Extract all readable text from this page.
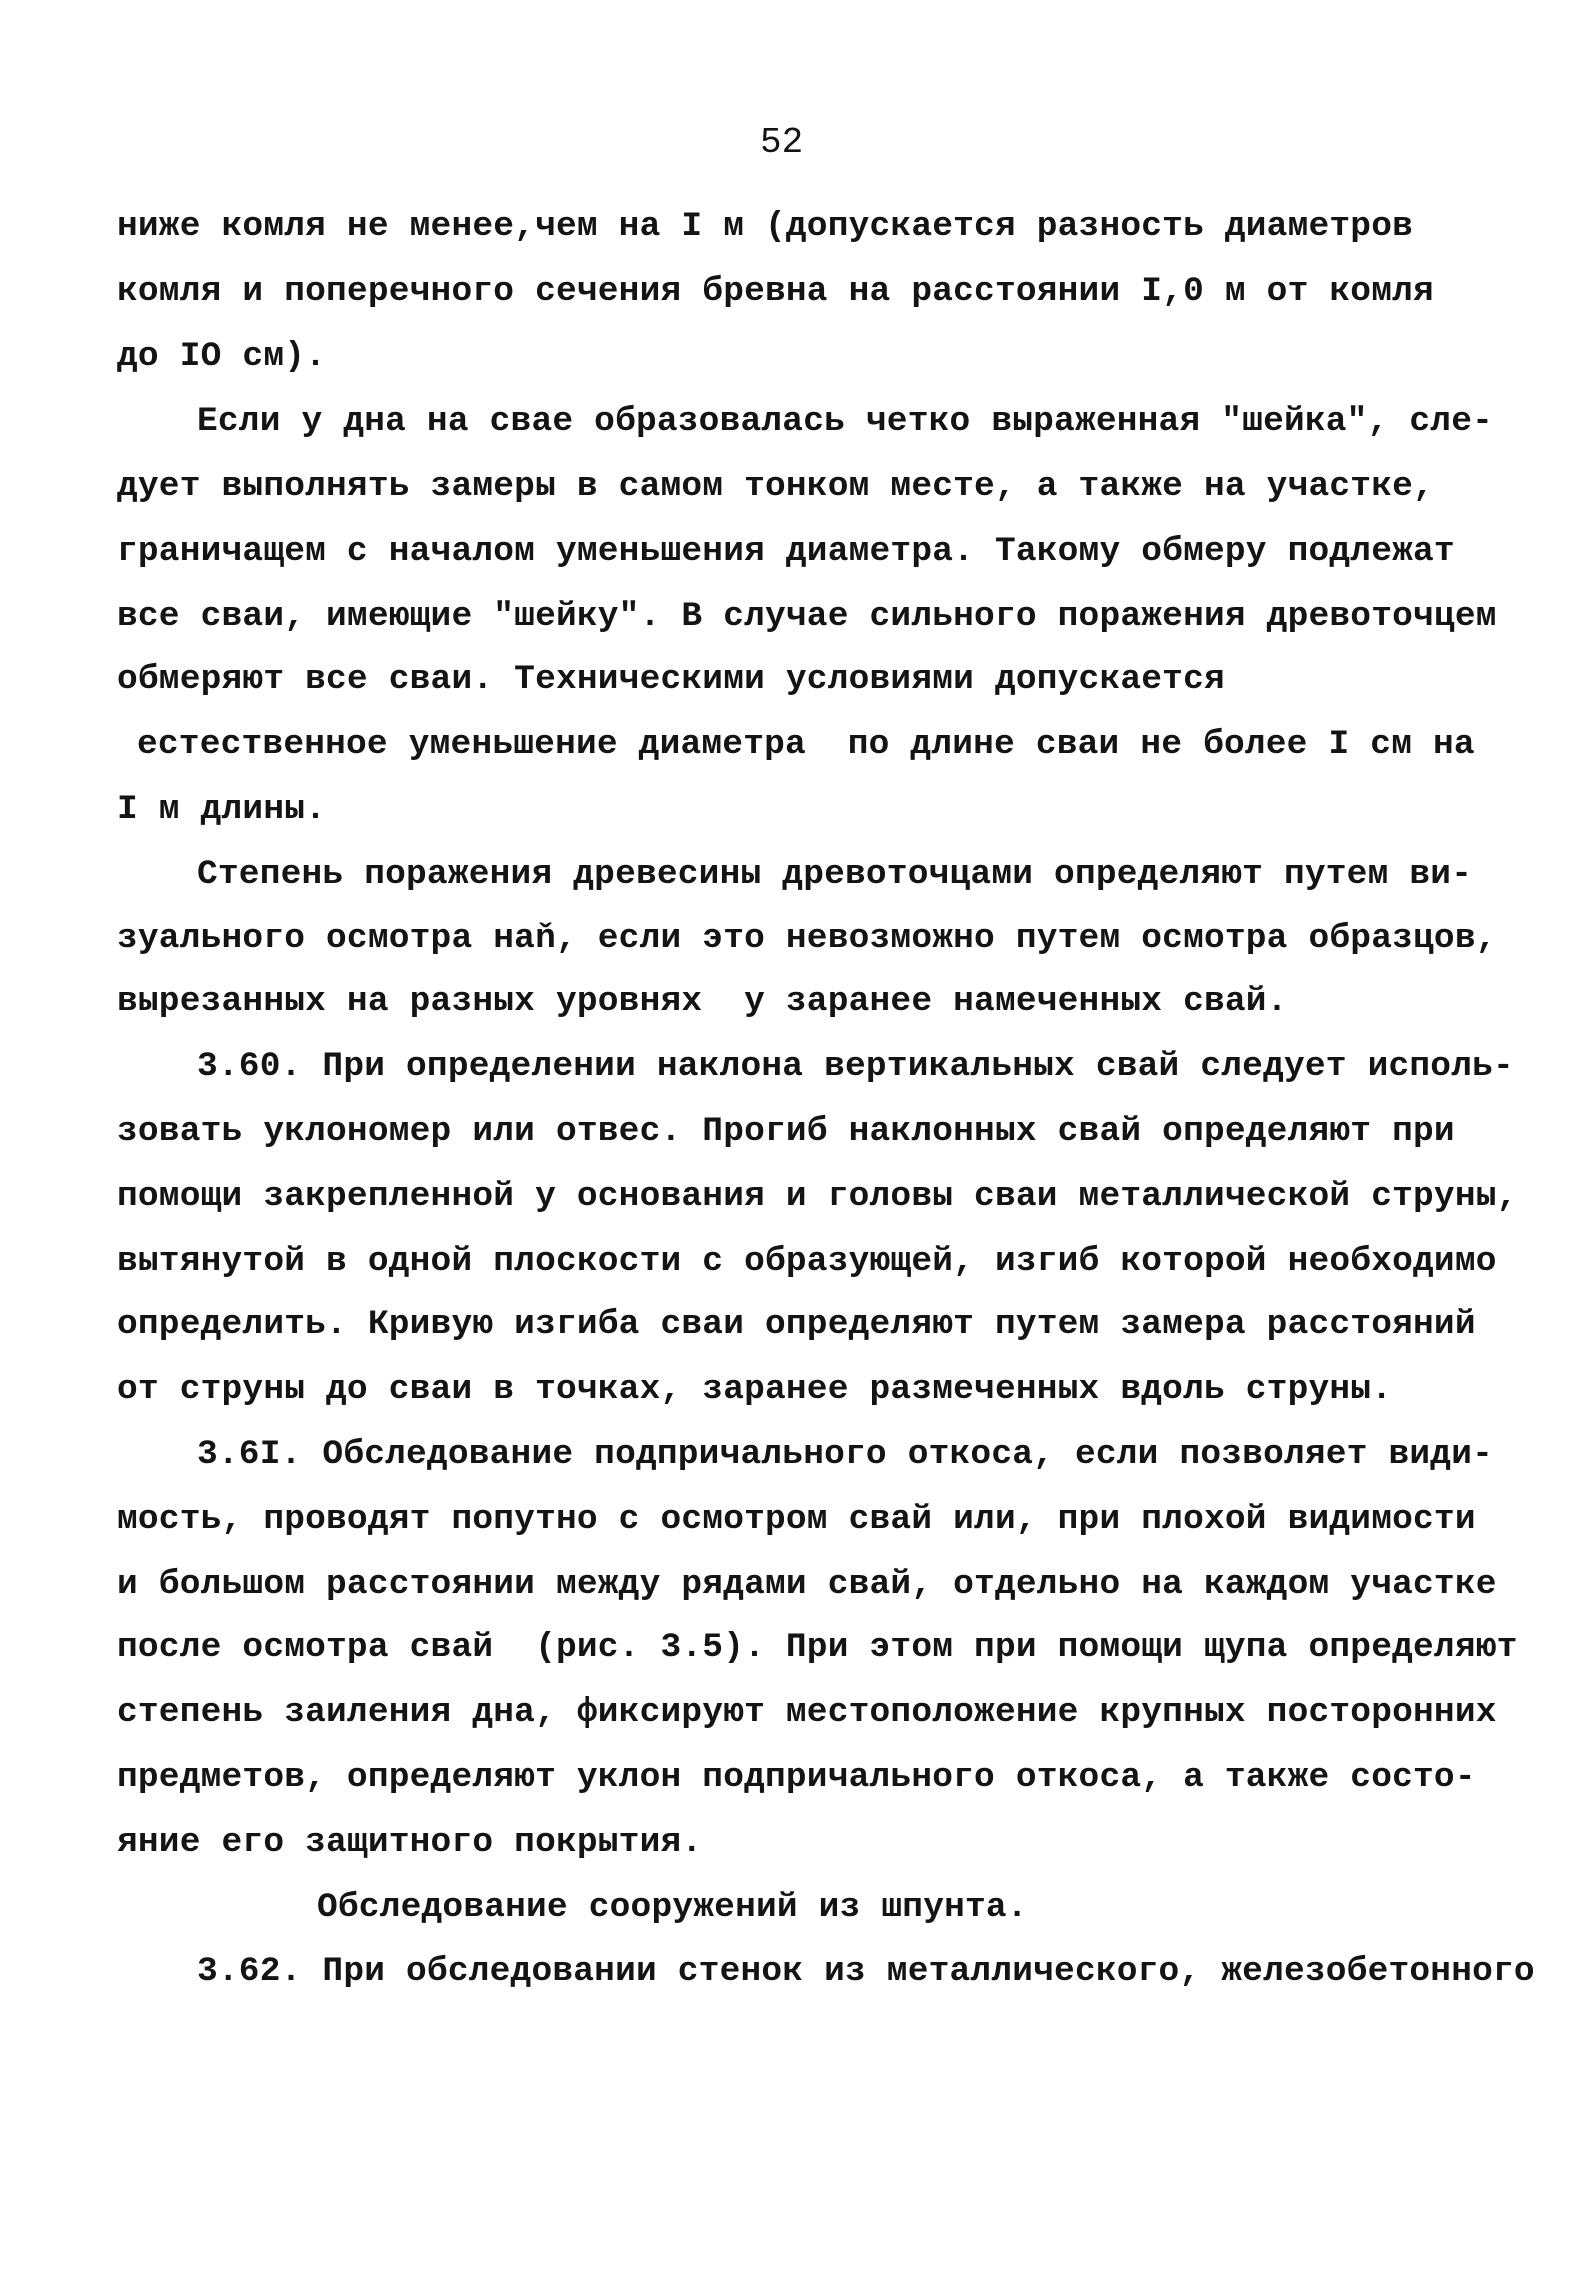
52
ниже комля не менее,чем на I м (допускается разность диаметров
комля и поперечного сечения бревна на расстоянии I,0 м от комля
до IO см).
Если у дна на сваe образовалась четко выраженная "шейка", сле-
дует выполнять замеры в самом тонком месте, а также на участке,
граничащем с началом уменьшения диаметра. Такому обмеру подлежат
все сваи, имеющие "шейку". В случае сильного поражения древоточцем
обмеряют все сваи. Техническими условиями допускается
естественное уменьшение диаметра  по длине сваи не более I см на
I м длины.
Степень поражения древесины древоточцами определяют путем ви-
зуального осмотра наň, если это невозможно путем осмотра образцов,
вырезанных на разных уровнях  у заранее намеченных свай.
3.60. При определении наклона вертикальных свай следует исполь-
зовать уклономер или отвес. Прогиб наклонных свай определяют при
помощи закрепленной у основания и головы сваи металлической струны,
вытянутой в одной плоскости с образующей, изгиб которой необходимо
определить. Кривую изгиба сваи определяют путем замера расстояний
от струны до сваи в точках, заранее размеченных вдоль струны.
3.6I. Обследование подпричального откоса, если позволяет види-
мость, проводят попутно с осмотром свай или, при плохой видимости
и большом расстоянии между рядами свай, отдельно на каждом участке
после осмотра свай  (рис. 3.5). При этом при помощи щупа определяют
степень заиления дна, фиксируют местоположение крупных посторонних
предметов, определяют уклон подпричального откоса, а также состо-
яние его защитного покрытия.
Обследование сооружений из шпунта.
3.62. При обследовании стенок из металлического, железобетонного
